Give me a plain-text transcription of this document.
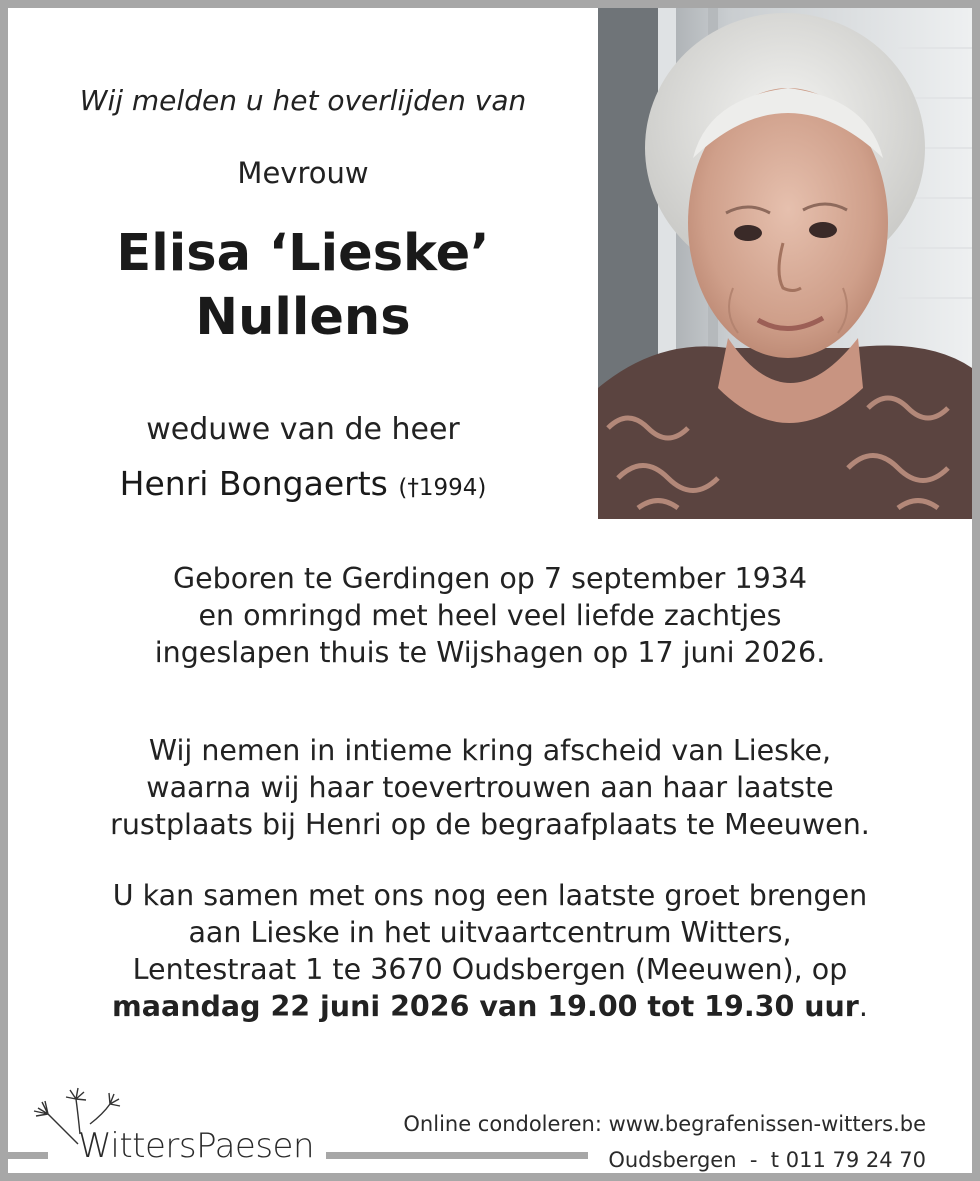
Wij melden u het overlijden van
Mevrouw
Elisa ‘Lieske’
Nullens
weduwe van de heer
Henri Bongaerts (†1994)
Geboren te Gerdingen op 7 september 1934
en omringd met heel veel liefde zachtjes
ingeslapen thuis te Wijshagen op 17 juni 2026.
Wij nemen in intieme kring afscheid van Lieske,
waarna wij haar toevertrouwen aan haar laatste
rustplaats bij Henri op de begraafplaats te Meeuwen.
U kan samen met ons nog een laatste groet brengen
aan Lieske in het uitvaartcentrum Witters,
Lentestraat 1 te 3670 Oudsbergen (Meeuwen), op
maandag 22 juni 2026 van 19.00 tot 19.30 uur.
WittersPaesen
Online condoleren: www.begrafenissen-witters.be
Oudsbergen  -  t 011 79 24 70
